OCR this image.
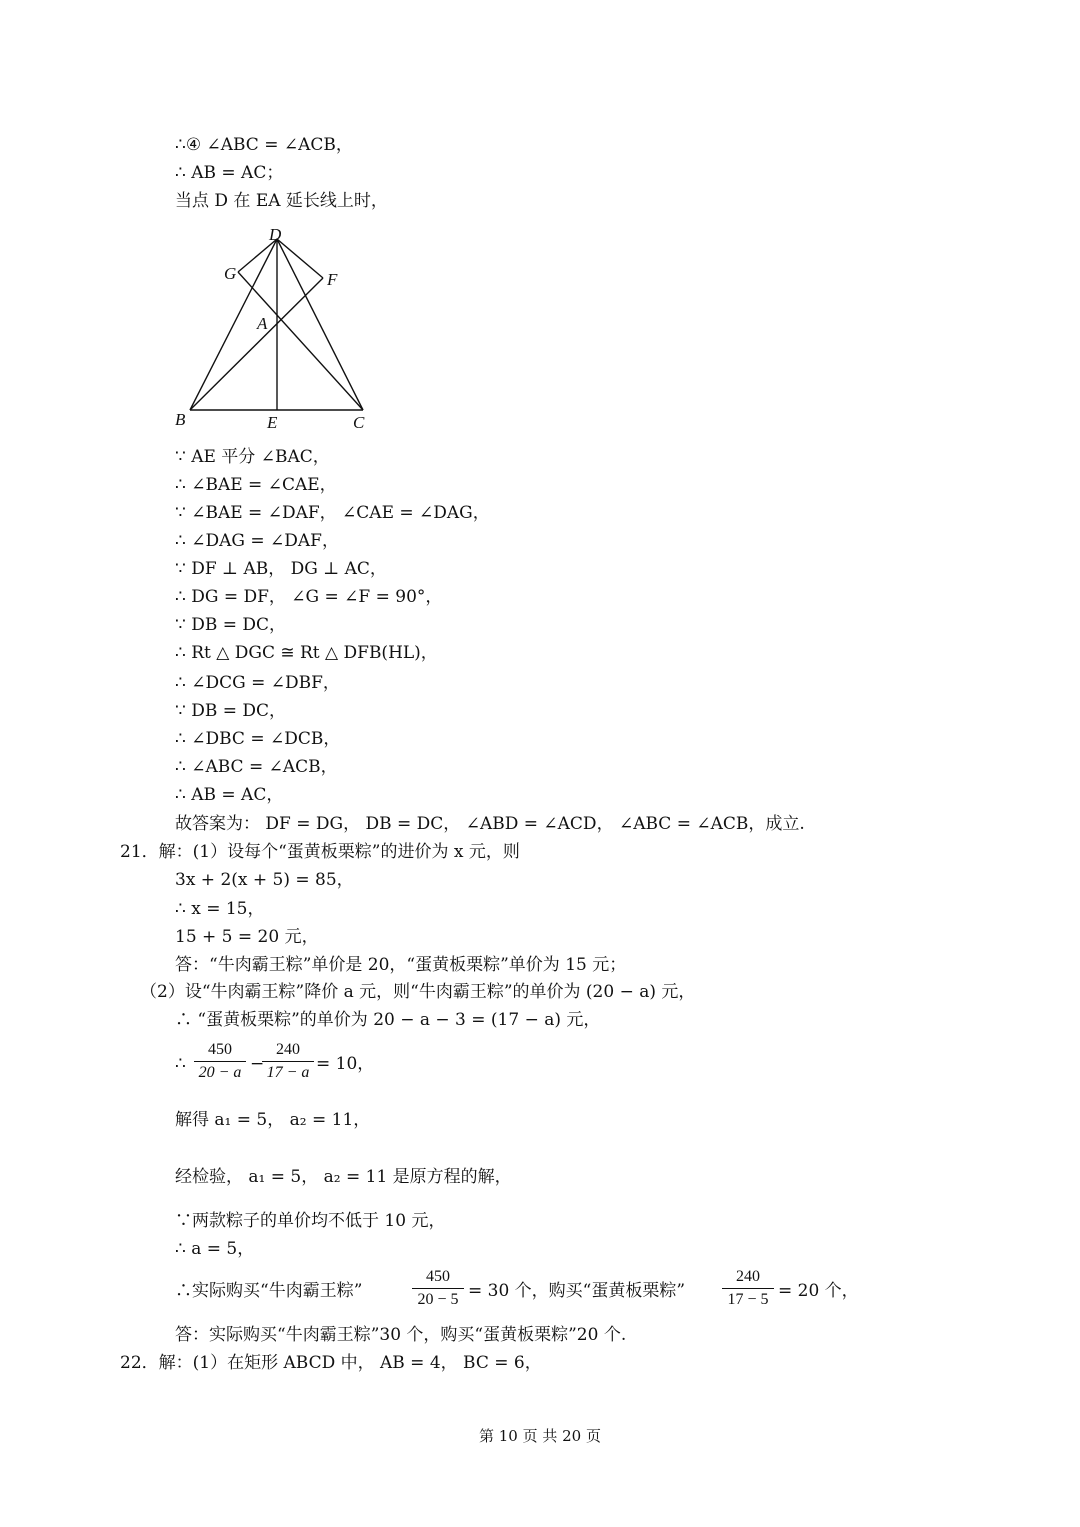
∴④ ∠ABC = ∠ACB，
∴ AB = AC；
当点 D 在 EA 延长线上时，
D
G	F
A
B	E	C
∵ AE 平分 ∠BAC，
∴ ∠BAE = ∠CAE，
∵ ∠BAE = ∠DAF， ∠CAE = ∠DAG，
∴ ∠DAG = ∠DAF，
∵ DF ⊥ AB， DG ⊥ AC，
∴ DG = DF， ∠G = ∠F = 90°，
∵ DB = DC，
∴ Rt △ DGC ≅ Rt △ DFB(HL)，
∴ ∠DCG = ∠DBF，
∵ DB = DC，
∴ ∠DBC = ∠DCB，
∴ ∠ABC = ∠ACB，
∴ AB = AC，
故答案为： DF = DG， DB = DC， ∠ABD = ∠ACD， ∠ABC = ∠ACB，成立.
21．解：(1）设每个“蛋黄板栗粽”的进价为 x 元，则
3x + 2(x + 5) = 85，
∴ x = 15，
15 + 5 = 20 元，
答：“牛肉霸王粽”单价是 20，“蛋黄板栗粽”单价为 15 元；
（2）设“牛肉霸王粽”降价 a 元，则“牛肉霸王粽”的单价为 (20 − a) 元，
∴ “蛋黄板栗粽”的单价为 20 − a − 3 = (17 − a) 元，
∴
450
20 − a −
240
17 − a = 10，
解得 a₁ = 5， a₂ = 11，
经检验， a₁ = 5， a₂ = 11 是原方程的解，
∵两款粽子的单价均不低于 10 元，
∴ a = 5，
∴实际购买“牛肉霸王粽”
450
20 − 5 = 30 个，购买“蛋黄板栗粽”
240
17 − 5 = 20 个，
答：实际购买“牛肉霸王粽”30 个，购买“蛋黄板栗粽”20 个.
22．解：(1）在矩形 ABCD 中， AB = 4， BC = 6，
第 10 页 共 20 页
